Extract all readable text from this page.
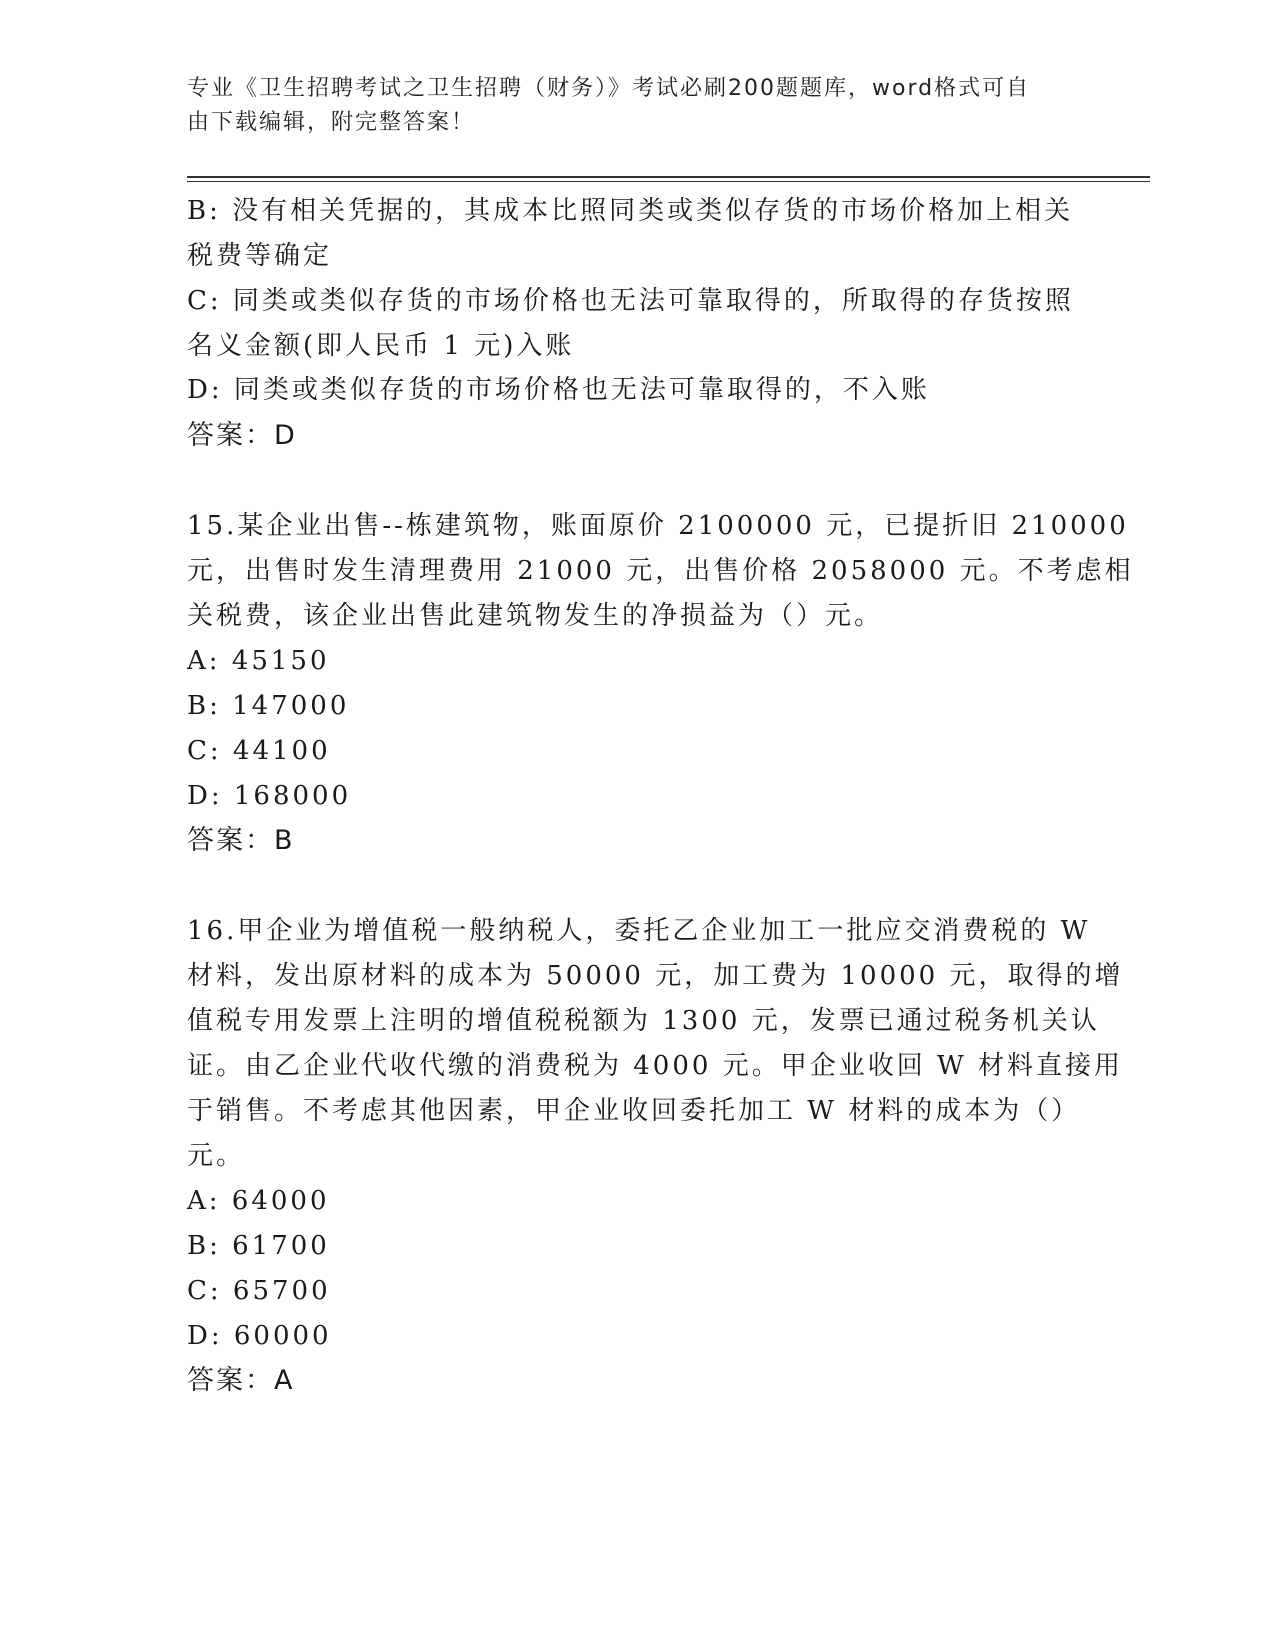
专业《卫生招聘考试之卫生招聘（财务）》考试必刷200题题库，word格式可自
由下载编辑，附完整答案！
B: 没有相关凭据的，其成本比照同类或类似存货的市场价格加上相关
税费等确定
C: 同类或类似存货的市场价格也无法可靠取得的，所取得的存货按照
名义金额(即人民币 1 元)入账
D: 同类或类似存货的市场价格也无法可靠取得的，不入账
答案：D
15.某企业出售--栋建筑物，账面原价 2100000 元，已提折旧 210000
元，出售时发生清理费用 21000 元，出售价格 2058000 元。不考虑相
关税费，该企业出售此建筑物发生的净损益为（）元。
A: 45150
B: 147000
C: 44100
D: 168000
答案：B
16.甲企业为增值税一般纳税人，委托乙企业加工一批应交消费税的 W
材料，发出原材料的成本为 50000 元，加工费为 10000 元，取得的增
值税专用发票上注明的增值税税额为 1300 元，发票已通过税务机关认
证。由乙企业代收代缴的消费税为 4000 元。甲企业收回 W 材料直接用
于销售。不考虑其他因素，甲企业收回委托加工 W 材料的成本为（）
元。
A: 64000
B: 61700
C: 65700
D: 60000
答案：A
